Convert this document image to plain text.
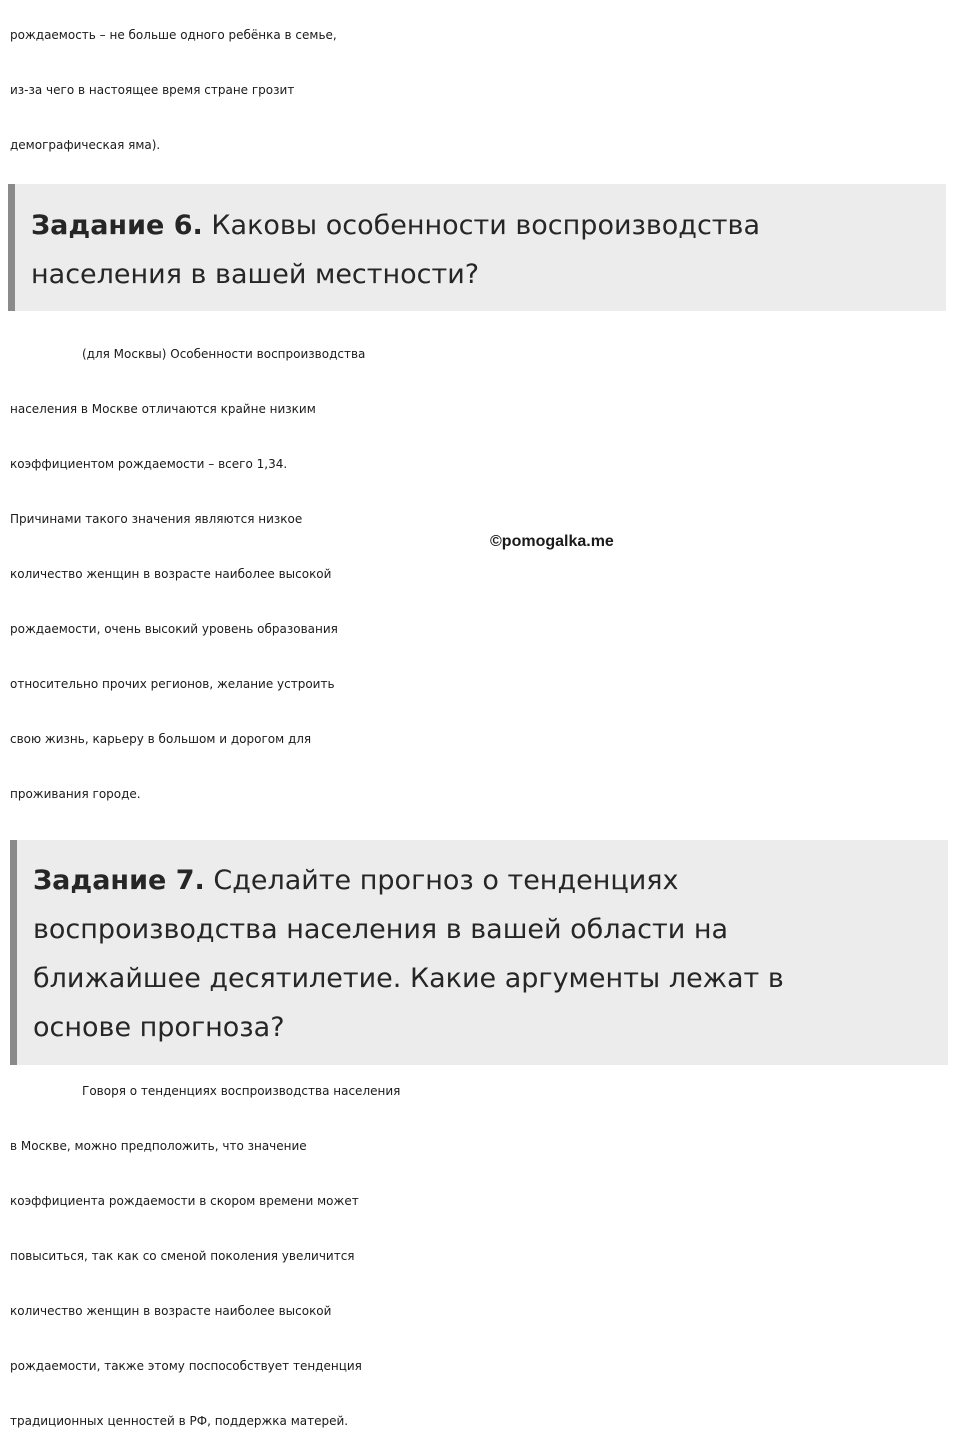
рождаемость – не больше одного ребёнка в семье,
из-за чего в настоящее время стране грозит
демографическая яма).
Задание 6. Каковы особенности воспроизводства
населения в вашей местности?
(для Москвы) Особенности воспроизводства
населения в Москве отличаются крайне низким
коэффициентом рождаемости – всего 1,34.
Причинами такого значения являются низкое
количество женщин в возрасте наиболее высокой
рождаемости, очень высокий уровень образования
относительно прочих регионов, желание устроить
свою жизнь, карьеру в большом и дорогом для
проживания городе.
©pomogalka.me
Задание 7. Сделайте прогноз о тенденциях
воспроизводства населения в вашей области на
ближайшее десятилетие. Какие аргументы лежат в
основе прогноза?
Говоря о тенденциях воспроизводства населения
в Москве, можно предположить, что значение
коэффициента рождаемости в скором времени может
повыситься, так как со сменой поколения увеличится
количество женщин в возрасте наиболее высокой
рождаемости, также этому поспособствует тенденция
традиционных ценностей в РФ, поддержка матерей.
